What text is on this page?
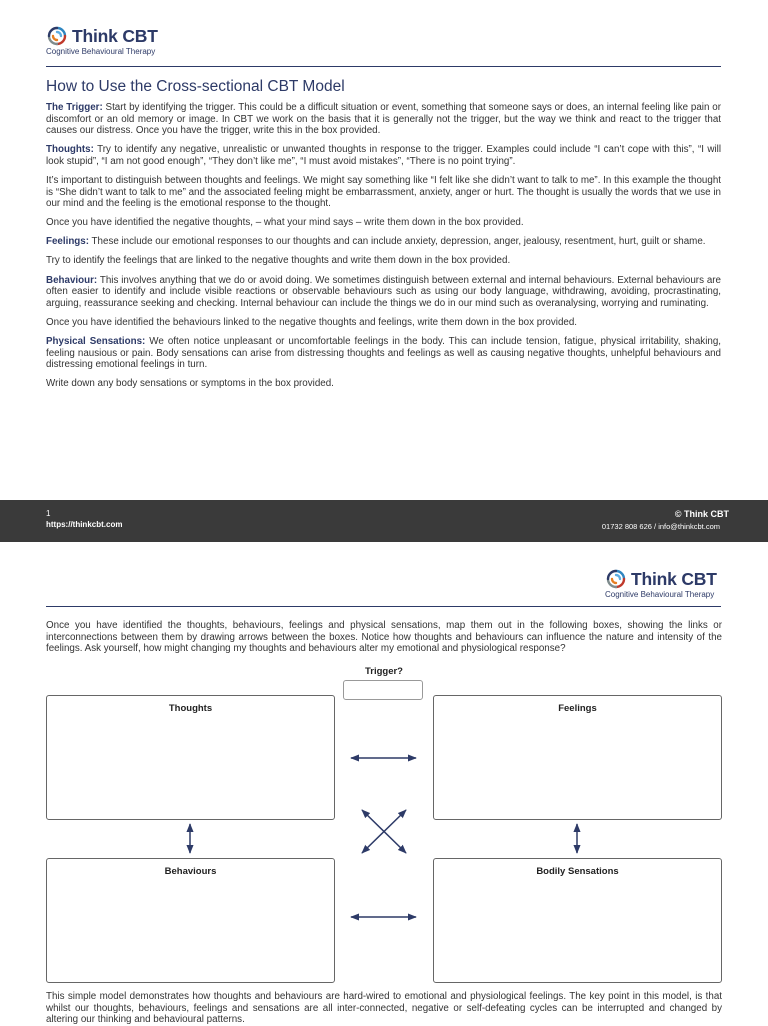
Think CBT
Cognitive Behavioural Therapy
How to Use the Cross-sectional CBT Model

The Trigger: Start by identifying the trigger. This could be a difficult situation or event, something that someone says or does, an internal feeling like pain or discomfort or an old memory or image. In CBT we work on the basis that it is generally not the trigger, but the way we think and react to the trigger that causes our distress. Once you have the trigger, write this in the box provided.

Thoughts: Try to identify any negative, unrealistic or unwanted thoughts in response to the trigger. Examples could include “I can’t cope with this”, “I will look stupid”, “I am not good enough”, “They don’t like me”, “I must avoid mistakes”, “There is no point trying”.

It’s important to distinguish between thoughts and feelings. We might say something like “I felt like she didn’t want to talk to me”. In this example the thought is “She didn’t want to talk to me” and the associated feeling might be embarrassment, anxiety, anger or hurt. The thought is usually the words that we use in our mind and the feeling is the emotional response to the thought.

Once you have identified the negative thoughts, – what your mind says – write them down in the box provided.

Feelings: These include our emotional responses to our thoughts and can include anxiety, depression, anger, jealousy, resentment, hurt, guilt or shame.

Try to identify the feelings that are linked to the negative thoughts and write them down in the box provided.

Behaviour: This involves anything that we do or avoid doing. We sometimes distinguish between external and internal behaviours. External behaviours are often easier to identify and include visible reactions or observable behaviours such as using our body language, withdrawing, avoiding, procrastinating, arguing, reassurance seeking and checking. Internal behaviour can include the things we do in our mind such as overanalysing, worrying and ruminating.

Once you have identified the behaviours linked to the negative thoughts and feelings, write them down in the box provided.

Physical Sensations: We often notice unpleasant or uncomfortable feelings in the body. This can include tension, fatigue, physical irritability, shaking, feeling nausious or pain. Body sensations can arise from distressing thoughts and feelings as well as causing negative thoughts, unhelpful behaviours and distressing emotional feelings in turn.

Write down any body sensations or symptoms in the box provided.

1
https://thinkcbt.com
© Think CBT
01732 808 626 / info@thinkcbt.com
Think CBT
Cognitive Behavioural Therapy
Once you have identified the thoughts, behaviours, feelings and physical sensations, map them out in the following boxes, showing the links or interconnections between them by drawing arrows between the boxes. Notice how thoughts and behaviours can influence the nature and intensity of the feelings. Ask yourself, how might changing my thoughts and behaviours alter my emotional and physiological response?
Trigger?
Thoughts	Feelings
Behaviours	Bodily Sensations
This simple model demonstrates how thoughts and behaviours are hard-wired to emotional and physiological feelings. The key point in this model, is that whilst our thoughts, behaviours, feelings and sensations are all inter-connected, negative or self-defeating cycles can be interrupted and changed by altering our thinking and behavioural patterns.
